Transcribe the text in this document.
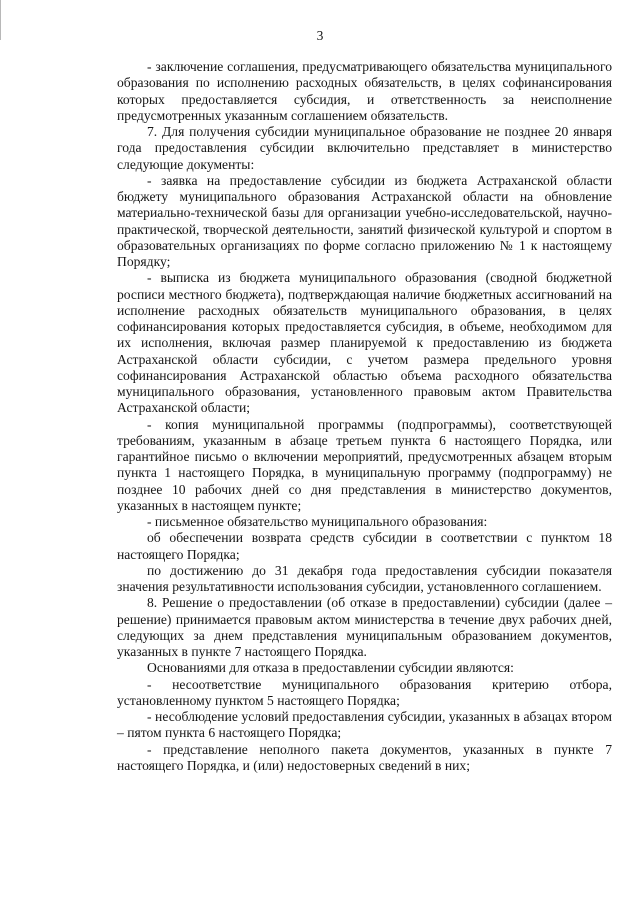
3

- заключение соглашения, предусматривающего обязательства муниципального образования по исполнению расходных обязательств, в целях софинансирования которых предоставляется субсидия, и ответственность за неисполнение предусмотренных указанным соглашением обязательств.

7. Для получения субсидии муниципальное образование не позднее 20 января года предоставления субсидии включительно представляет в министерство следующие документы:

- заявка на предоставление субсидии из бюджета Астраханской области бюджету муниципального образования Астраханской области на обновление материально-технической базы для организации учебно-исследовательской, научно-практической, творческой деятельности, занятий физической культурой и спортом в образовательных организациях по форме согласно приложению № 1 к настоящему Порядку;

- выписка из бюджета муниципального образования (сводной бюджетной росписи местного бюджета), подтверждающая наличие бюджетных ассигнований на исполнение расходных обязательств муниципального образования, в целях софинансирования которых предоставляется субсидия, в объеме, необходимом для их исполнения, включая размер планируемой к предоставлению из бюджета Астраханской области субсидии, с учетом размера предельного уровня софинансирования Астраханской областью объема расходного обязательства муниципального образования, установленного правовым актом Правительства Астраханской области;

- копия муниципальной программы (подпрограммы), соответствующей требованиям, указанным в абзаце третьем пункта 6 настоящего Порядка, или гарантийное письмо о включении мероприятий, предусмотренных абзацем вторым пункта 1 настоящего Порядка, в муниципальную программу (подпрограмму) не позднее 10 рабочих дней со дня представления в министерство документов, указанных в настоящем пункте;

- письменное обязательство муниципального образования:

об обеспечении возврата средств субсидии в соответствии с пунктом 18 настоящего Порядка;

по достижению до 31 декабря года предоставления субсидии показателя значения результативности использования субсидии, установленного соглашением.

8. Решение о предоставлении (об отказе в предоставлении) субсидии (далее – решение) принимается правовым актом министерства в течение двух рабочих дней, следующих за днем представления муниципальным образованием документов, указанных в пункте 7 настоящего Порядка.

Основаниями для отказа в предоставлении субсидии являются:

- несоответствие муниципального образования критерию отбора, установленному пунктом 5 настоящего Порядка;

- несоблюдение условий предоставления субсидии, указанных в абзацах втором – пятом пункта 6 настоящего Порядка;

- представление неполного пакета документов, указанных в пункте 7 настоящего Порядка, и (или) недостоверных сведений в них;
